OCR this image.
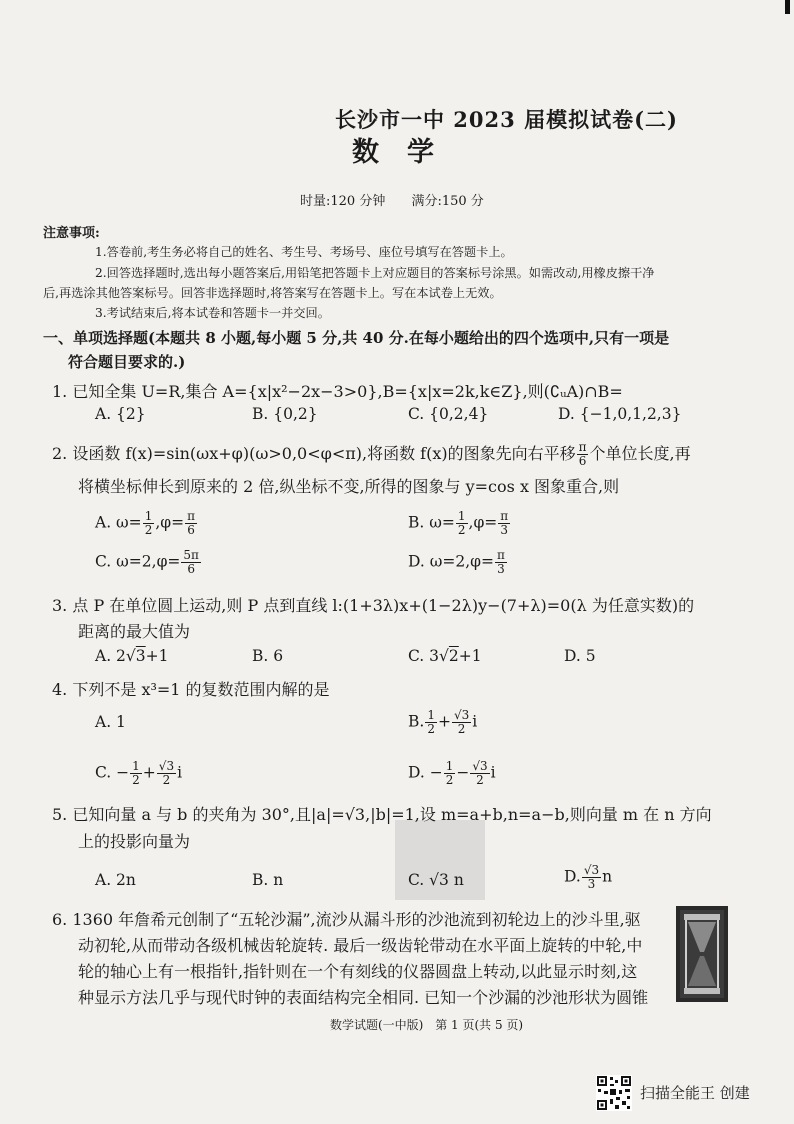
长沙市一中 2023 届模拟试卷(二)
数学
时量:120 分钟 满分:150 分
注意事项:
1.答卷前,考生务必将自己的姓名、考生号、考场号、座位号填写在答题卡上。
2.回答选择题时,选出每小题答案后,用铅笔把答题卡上对应题目的答案标号涂黑。如需改动,用橡皮擦干净
后,再选涂其他答案标号。回答非选择题时,将答案写在答题卡上。写在本试卷上无效。
3.考试结束后,将本试卷和答题卡一并交回。
一、单项选择题(本题共 8 小题,每小题 5 分,共 40 分.在每小题给出的四个选项中,只有一项是
符合题目要求的.)
1. 已知全集 U=R,集合 A={x|x²−2x−3>0},B={x|x=2k,k∈Z},则(∁ᵤA)∩B=
A. {2}	B. {0,2}	C. {0,2,4}	D. {−1,0,1,2,3}
2. 设函数 f(x)=sin(ωx+φ)(ω>0,0<φ<π),将函数 f(x)的图象先向右平移 $\frac{\pi}{6}$ 个单位长度,再
将横坐标伸长到原来的 2 倍,纵坐标不变,所得的图象与 y=cos x 图象重合,则
A. $\omega= \frac{1}{2} ,\varphi= \frac{\pi}{6}$	B. $\omega= \frac{1}{2} ,\varphi= \frac{\pi}{3}$
C. $\omega=2,\varphi= \frac{5\pi}{6}$	D. $\omega=2,\varphi= \frac{\pi}{3}$
3. 点 P 在单位圆上运动,则 P 点到直线 l:(1+3λ)x+(1−2λ)y−(7+λ)=0(λ 为任意实数)的
距离的最大值为
A. 2√3+1	B. 6	C. 3√2+1	D. 5
4. 下列不是 x³=1 的复数范围内解的是
A. 1	B. $\frac{1}{2} + \frac{√3}{2}$ i
C. − $\frac{1}{2} + \frac{√3}{2}$ i	D. − $\frac{1}{2} - \frac{√3}{2}$ i
5. 已知向量 a 与 b 的夹角为 30°,且|a|=√3,|b|=1,设 m=a+b,n=a−b,则向量 m 在 n 方向
上的投影向量为
A. 2n	B. n	C. √3 n	D. $\frac{√3}{3}$ n
6. 1360 年詹希元创制了“五轮沙漏”,流沙从漏斗形的沙池流到初轮边上的沙斗里,驱
动初轮,从而带动各级机械齿轮旋转. 最后一级齿轮带动在水平面上旋转的中轮,中
轮的轴心上有一根指针,指针则在一个有刻线的仪器圆盘上转动,以此显示时刻,这
种显示方法几乎与现代时钟的表面结构完全相同. 已知一个沙漏的沙池形状为圆锥
数学试题(一中版) 第 1 页(共 5 页)
扫描全能王 创建
